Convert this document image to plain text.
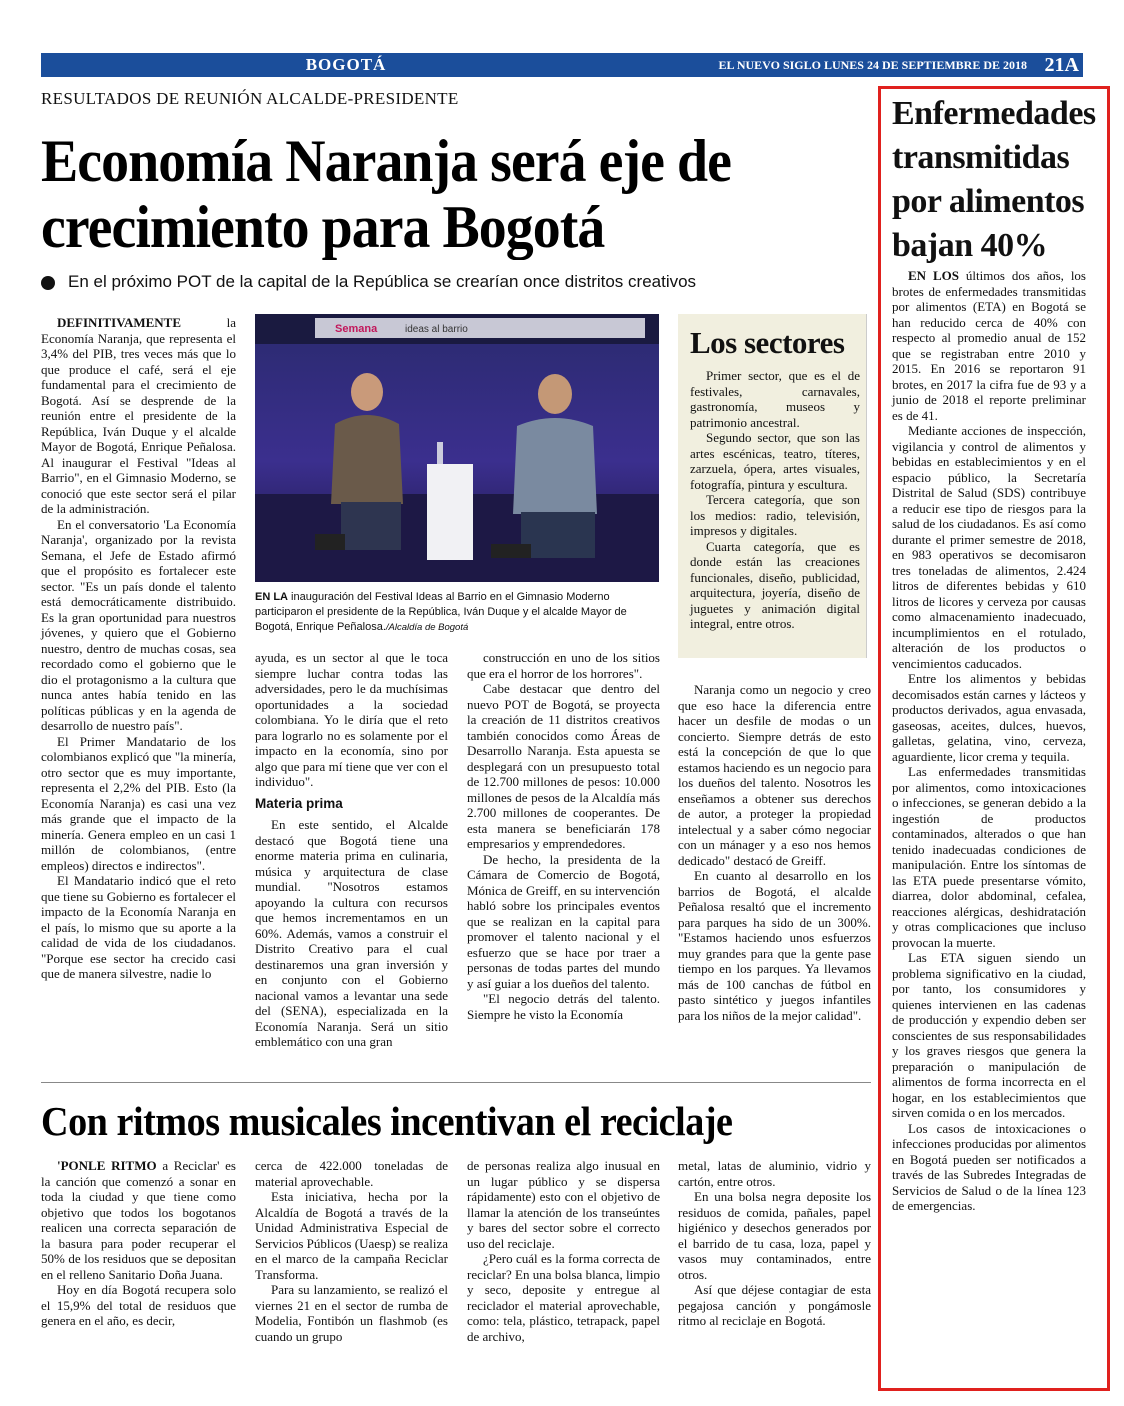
BOGOTÁ	EL NUEVO SIGLO LUNES 24 DE SEPTIEMBRE DE 2018 21A
RESULTADOS DE REUNIÓN ALCALDE-PRESIDENTE
Economía Naranja será eje de crecimiento para Bogotá
En el próximo POT de la capital de la República se crearían once distritos creativos

DEFINITIVAMENTE la Economía Naranja, que representa el 3,4% del PIB, tres veces más que lo que produce el café, será el eje fundamental para el crecimiento de Bogotá. Así se desprende de la reunión entre el presidente de la República, Iván Duque y el alcalde Mayor de Bogotá, Enrique Peñalosa. Al inaugurar el Festival "Ideas al Barrio", en el Gimnasio Moderno, se conoció que este sector será el pilar de la administración.

En el conversatorio 'La Economía Naranja', organizado por la revista Semana, el Jefe de Estado afirmó que el propósito es fortalecer este sector. "Es un país donde el talento está democráticamente distribuido. Es la gran oportunidad para nuestros jóvenes, y quiero que el Gobierno nuestro, dentro de muchas cosas, sea recordado como el gobierno que le dio el protagonismo a la cultura que nunca antes había tenido en las políticas públicas y en la agenda de desarrollo de nuestro país".

El Primer Mandatario de los colombianos explicó que "la minería, otro sector que es muy importante, representa el 2,2% del PIB. Esto (la Economía Naranja) es casi una vez más grande que el impacto de la minería. Genera empleo en un casi 1 millón de colombianos, (entre empleos) directos e indirectos".

El Mandatario indicó que el reto que tiene su Gobierno es fortalecer el impacto de la Economía Naranja en el país, lo mismo que su aporte a la calidad de vida de los ciudadanos. "Porque ese sector ha crecido casi que de manera silvestre, nadie lo

ayuda, es un sector al que le toca siempre luchar contra todas las adversidades, pero le da muchísimas oportunidades a la sociedad colombiana. Yo le diría que el reto para lograrlo no es solamente por el impacto en la economía, sino por algo que para mí tiene que ver con el individuo".

Materia prima

En este sentido, el Alcalde destacó que Bogotá tiene una enorme materia prima en culinaria, música y arquitectura de clase mundial. "Nosotros estamos apoyando la cultura con recursos que hemos incrementamos en un 60%. Además, vamos a construir el Distrito Creativo para el cual destinaremos una gran inversión y en conjunto con el Gobierno nacional vamos a levantar una sede del (SENA), especializada en la Economía Naranja. Será un sitio emblemático con una gran

construcción en uno de los sitios que era el horror de los horrores".

Cabe destacar que dentro del nuevo POT de Bogotá, se proyecta la creación de 11 distritos creativos también conocidos como Áreas de Desarrollo Naranja. Esta apuesta se desplegará con un presupuesto total de 12.700 millones de pesos: 10.000 millones de pesos de la Alcaldía más 2.700 millones de cooperantes. De esta manera se beneficiarán 178 empresarios y emprendedores.

De hecho, la presidenta de la Cámara de Comercio de Bogotá, Mónica de Greiff, en su intervención habló sobre los principales eventos que se realizan en la capital para promover el talento nacional y el esfuerzo que se hace por traer a personas de todas partes del mundo y así guiar a los dueños del talento.

"El negocio detrás del talento. Siempre he visto la Economía

Naranja como un negocio y creo que eso hace la diferencia entre hacer un desfile de modas o un concierto. Siempre detrás de esto está la concepción de que lo que estamos haciendo es un negocio para los dueños del talento. Nosotros les enseñamos a obtener sus derechos de autor, a proteger la propiedad intelectual y a saber cómo negociar con un mánager y a eso nos hemos dedicado" destacó de Greiff.

En cuanto al desarrollo en los barrios de Bogotá, el alcalde Peñalosa resaltó que el incremento para parques ha sido de un 300%. "Estamos haciendo unos esfuerzos muy grandes para que la gente pase tiempo en los parques. Ya llevamos más de 100 canchas de fútbol en pasto sintético y juegos infantiles para los niños de la mejor calidad".

Semana	ideas al barrio
EN LA inauguración del Festival Ideas al Barrio en el Gimnasio Moderno participaron el presidente de la República, Iván Duque y el alcalde Mayor de Bogotá, Enrique Peñalosa./Alcaldía de Bogotá
Los sectores

Primer sector, que es el de festivales, carnavales, gastronomía, museos y patrimonio ancestral.

Segundo sector, que son las artes escénicas, teatro, títeres, zarzuela, ópera, artes visuales, fotografía, pintura y escultura.

Tercera categoría, que son los medios: radio, televisión, impresos y digitales.

Cuarta categoría, que es donde están las creaciones funcionales, diseño, publicidad, arquitectura, joyería, diseño de juguetes y animación digital integral, entre otros.

Con ritmos musicales incentivan el reciclaje

'PONLE RITMO a Reciclar' es la canción que comenzó a sonar en toda la ciudad y que tiene como objetivo que todos los bogotanos realicen una correcta separación de la basura para poder recuperar el 50% de los residuos que se depositan en el relleno Sanitario Doña Juana.

Hoy en día Bogotá recupera solo el 15,9% del total de residuos que genera en el año, es decir,

cerca de 422.000 toneladas de material aprovechable.

Esta iniciativa, hecha por la Alcaldía de Bogotá a través de la Unidad Administrativa Especial de Servicios Públicos (Uaesp) se realiza en el marco de la campaña Reciclar Transforma.

Para su lanzamiento, se realizó el viernes 21 en el sector de rumba de Modelia, Fontibón un flashmob (es cuando un grupo

de personas realiza algo inusual en un lugar público y se dispersa rápidamente) esto con el objetivo de llamar la atención de los transeúntes y bares del sector sobre el correcto uso del reciclaje.

¿Pero cuál es la forma correcta de reciclar? En una bolsa blanca, limpio y seco, deposite y entregue al reciclador el material aprovechable, como: tela, plástico, tetrapack, papel de archivo,

metal, latas de aluminio, vidrio y cartón, entre otros.

En una bolsa negra deposite los residuos de comida, pañales, papel higiénico y desechos generados por el barrido de tu casa, loza, papel y vasos muy contaminados, entre otros.

Así que déjese contagiar de esta pegajosa canción y pongámosle ritmo al reciclaje en Bogotá.

Enfermedades transmitidas por alimentos bajan 40%

EN LOS últimos dos años, los brotes de enfermedades transmitidas por alimentos (ETA) en Bogotá se han reducido cerca de 40% con respecto al promedio anual de 152 que se registraban entre 2010 y 2015. En 2016 se reportaron 91 brotes, en 2017 la cifra fue de 93 y a junio de 2018 el reporte preliminar es de 41.

Mediante acciones de inspección, vigilancia y control de alimentos y bebidas en establecimientos y en el espacio público, la Secretaría Distrital de Salud (SDS) contribuye a reducir ese tipo de riesgos para la salud de los ciudadanos. Es así como durante el primer semestre de 2018, en 983 operativos se decomisaron tres toneladas de alimentos, 2.424 litros de diferentes bebidas y 610 litros de licores y cerveza por causas como almacenamiento inadecuado, incumplimientos en el rotulado, alteración de los productos o vencimientos caducados.

Entre los alimentos y bebidas decomisados están carnes y lácteos y productos derivados, agua envasada, gaseosas, aceites, dulces, huevos, galletas, gelatina, vino, cerveza, aguardiente, licor crema y tequila.

Las enfermedades transmitidas por alimentos, como intoxicaciones o infecciones, se generan debido a la ingestión de productos contaminados, alterados o que han tenido inadecuadas condiciones de manipulación. Entre los síntomas de las ETA puede presentarse vómito, diarrea, dolor abdominal, cefalea, reacciones alérgicas, deshidratación y otras complicaciones que incluso provocan la muerte.

Las ETA siguen siendo un problema significativo en la ciudad, por tanto, los consumidores y quienes intervienen en las cadenas de producción y expendio deben ser conscientes de sus responsabilidades y los graves riesgos que genera la preparación o manipulación de alimentos de forma incorrecta en el hogar, en los establecimientos que sirven comida o en los mercados.

Los casos de intoxicaciones o infecciones producidas por alimentos en Bogotá pueden ser notificados a través de las Subredes Integradas de Servicios de Salud o de la línea 123 de emergencias.
